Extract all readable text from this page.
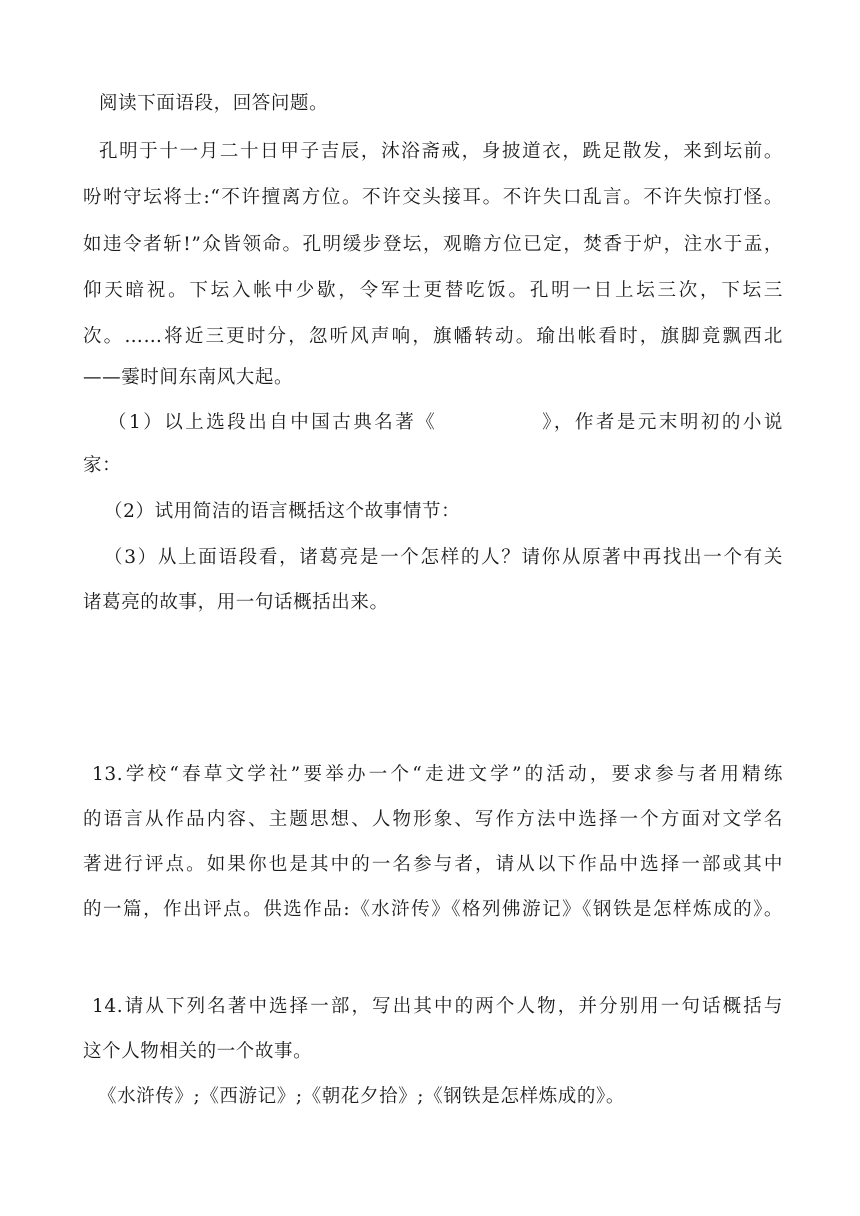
阅读下面语段，回答问题。
孔明于十一月二十日甲子吉辰，沐浴斋戒，身披道衣，跣足散发，来到坛前。
吩咐守坛将士:“不许擅离方位。不许交头接耳。不许失口乱言。不许失惊打怪。
如违令者斩!”众皆领命。孔明缓步登坛，观瞻方位已定，焚香于炉，注水于盂，
仰天暗祝。下坛入帐中少歇，令军士更替吃饭。孔明一日上坛三次，下坛三
次。……将近三更时分，忽听风声响，旗幡转动。瑜出帐看时，旗脚竟飘西北
——霎时间东南风大起。
（1）以上选段出自中国古典名著《　　　　　》，作者是元末明初的小说
家：
（2）试用简洁的语言概括这个故事情节：
（3）从上面语段看，诸葛亮是一个怎样的人？请你从原著中再找出一个有关
诸葛亮的故事，用一句话概括出来。
13.学校“春草文学社”要举办一个“走进文学”的活动，要求参与者用精练
的语言从作品内容、主题思想、人物形象、写作方法中选择一个方面对文学名
著进行评点。如果你也是其中的一名参与者，请从以下作品中选择一部或其中
的一篇，作出评点。供选作品:《水浒传》《格列佛游记》《钢铁是怎样炼成的》。
14.请从下列名著中选择一部，写出其中的两个人物，并分别用一句话概括与
这个人物相关的一个故事。
《水浒传》;《西游记》;《朝花夕拾》;《钢铁是怎样炼成的》。
